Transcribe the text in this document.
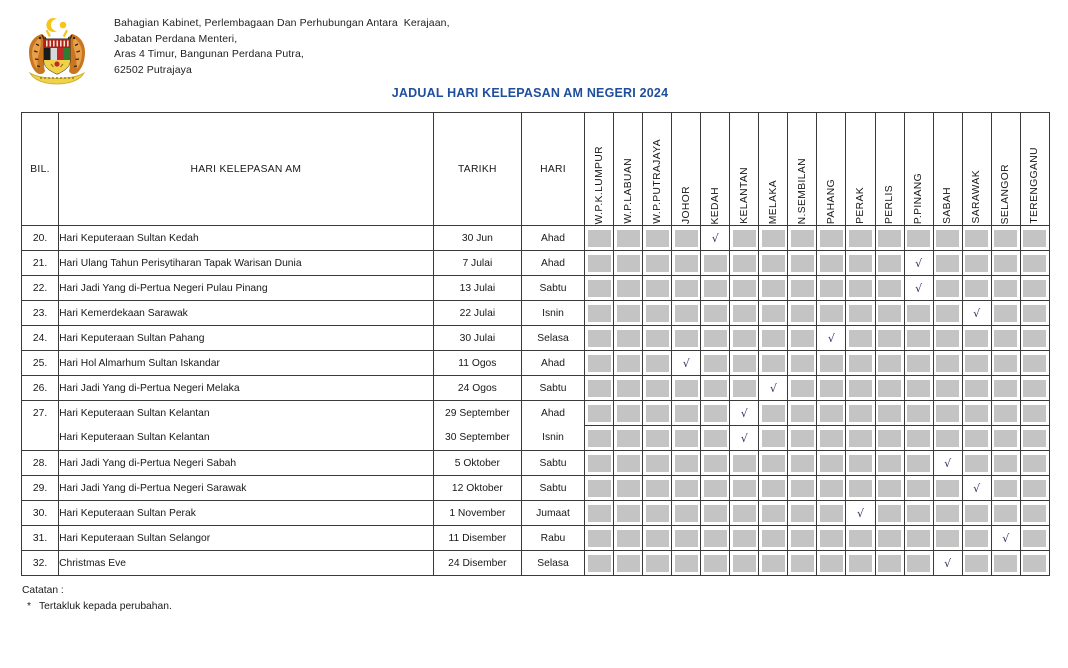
Bahagian Kabinet, Perlembagaan Dan Perhubungan Antara  Kerajaan,
Jabatan Perdana Menteri,
Aras 4 Timur, Bangunan Perdana Putra,
62502 Putrajaya
JADUAL HARI KELEPASAN AM NEGERI 2024
BIL.	HARI KELEPASAN AM	TARIKH	HARI	W.P.K.LUMPUR	W.P.LABUAN	W.P.PUTRAJAYA	JOHOR	KEDAH	KELANTAN	MELAKA	N.SEMBILAN	PAHANG	PERAK	PERLIS	P.PINANG	SABAH	SARAWAK	SELANGOR	TERENGGANU

20.	Hari Keputeraan Sultan Kedah	30 Jun	Ahad					√											

21.	Hari Ulang Tahun Perisytiharan Tapak Warisan Dunia	7 Julai	Ahad												√				

22.	Hari Jadi Yang di-Pertua Negeri Pulau Pinang	13 Julai	Sabtu												√				

23.	Hari Kemerdekaan Sarawak	22 Julai	Isnin														√		

24.	Hari Keputeraan Sultan Pahang	30 Julai	Selasa									√							

25.	Hari Hol Almarhum Sultan Iskandar	11 Ogos	Ahad				√												

26.	Hari Jadi Yang di-Pertua Negeri Melaka	24 Ogos	Sabtu							√									

27.	Hari Keputeraan Sultan Kelantan	29 September	Ahad						√										

	Hari Keputeraan Sultan Kelantan	30 September	Isnin						√										

28.	Hari Jadi Yang di-Pertua Negeri Sabah	5 Oktober	Sabtu													√			

29.	Hari Jadi Yang di-Pertua Negeri Sarawak	12 Oktober	Sabtu														√		

30.	Hari Keputeraan Sultan Perak	1 November	Jumaat										√						

31.	Hari Keputeraan Sultan Selangor	11 Disember	Rabu															√	

32.	Christmas Eve	24 Disember	Selasa													√			

Catatan :
* Tertakluk kepada perubahan.
